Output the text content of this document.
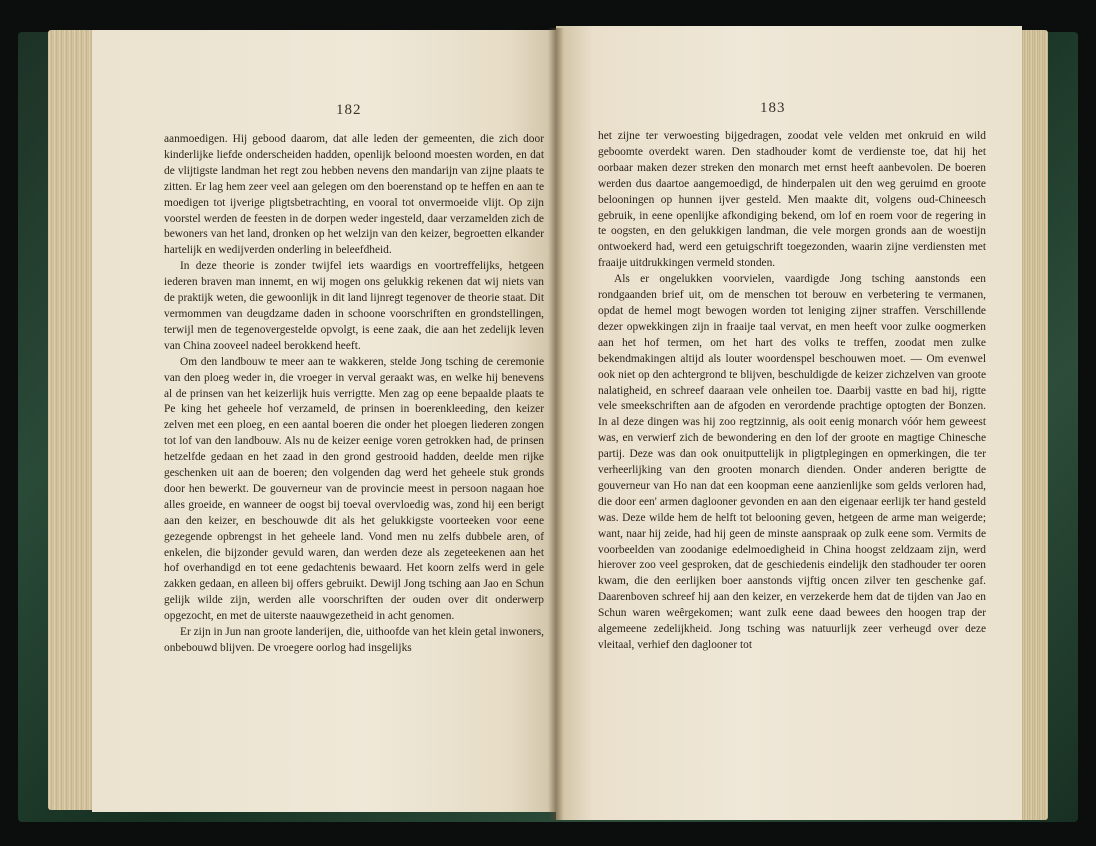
182

aanmoedigen. Hij gebood daarom, dat alle leden der gemeenten, die zich door kinderlijke liefde onderscheiden hadden, openlijk beloond moesten worden, en dat de vlijtigste landman het regt zou hebben nevens den mandarijn van zijne plaats te zitten. Er lag hem zeer veel aan gelegen om den boerenstand op te heffen en aan te moedigen tot ijverige pligtsbetrachting, en vooral tot onvermoeide vlijt. Op zijn voorstel werden de feesten in de dorpen weder ingesteld, daar verzamelden zich de bewoners van het land, dronken op het welzijn van den keizer, begroetten elkander hartelijk en wedijverden onderling in beleefdheid.

In deze theorie is zonder twijfel iets waardigs en voortreffelijks, hetgeen iederen braven man innemt, en wij mogen ons gelukkig rekenen dat wij niets van de praktijk weten, die gewoonlijk in dit land lijnregt tegenover de theorie staat. Dit vermommen van deugdzame daden in schoone voorschriften en grondstellingen, terwijl men de tegenovergestelde opvolgt, is eene zaak, die aan het zedelijk leven van China zooveel nadeel berokkend heeft.

Om den landbouw te meer aan te wakkeren, stelde Jong tsching de ceremonie van den ploeg weder in, die vroeger in verval geraakt was, en welke hij benevens al de prinsen van het keizerlijk huis verrigtte. Men zag op eene bepaalde plaats te Pe king het geheele hof verzameld, de prinsen in boerenkleeding, den keizer zelven met een ploeg, en een aantal boeren die onder het ploegen liederen zongen tot lof van den landbouw. Als nu de keizer eenige voren getrokken had, de prinsen hetzelfde gedaan en het zaad in den grond gestrooid hadden, deelde men rijke geschenken uit aan de boeren; den volgenden dag werd het geheele stuk gronds door hen bewerkt. De gouverneur van de provincie meest in persoon nagaan hoe alles groeide, en wanneer de oogst bij toeval overvloedig was, zond hij een berigt aan den keizer, en beschouwde dit als het gelukkigste voorteeken voor eene gezegende opbrengst in het geheele land. Vond men nu zelfs dubbele aren, of enkelen, die bijzonder gevuld waren, dan werden deze als zegeteekenen aan het hof overhandigd en tot eene gedachtenis bewaard. Het koorn zelfs werd in gele zakken gedaan, en alleen bij offers gebruikt. Dewijl Jong tsching aan Jao en Schun gelijk wilde zijn, werden alle voorschriften der ouden over dit onderwerp opgezocht, en met de uiterste naauwgezetheid in acht genomen.

Er zijn in Jun nan groote landerijen, die, uithoofde van het klein getal inwoners, onbebouwd blijven. De vroegere oorlog had insgelijks

183

het zijne ter verwoesting bijgedragen, zoodat vele velden met onkruid en wild geboomte overdekt waren. Den stadhouder komt de verdienste toe, dat hij het oorbaar maken dezer streken den monarch met ernst heeft aanbevolen. De boeren werden dus daartoe aangemoedigd, de hinderpalen uit den weg geruimd en groote belooningen op hunnen ijver gesteld. Men maakte dit, volgens oud-Chineesch gebruik, in eene openlijke afkondiging bekend, om lof en roem voor de regering in te oogsten, en den gelukkigen landman, die vele morgen gronds aan de woestijn ontwoekerd had, werd een getuigschrift toegezonden, waarin zijne verdiensten met fraaije uitdrukkingen vermeld stonden.

Als er ongelukken voorvielen, vaardigde Jong tsching aanstonds een rondgaanden brief uit, om de menschen tot berouw en verbetering te vermanen, opdat de hemel mogt bewogen worden tot leniging zijner straffen. Verschillende dezer opwekkingen zijn in fraaije taal vervat, en men heeft voor zulke oogmerken aan het hof termen, om het hart des volks te treffen, zoodat men zulke bekendmakingen altijd als louter woordenspel beschouwen moet. — Om evenwel ook niet op den achtergrond te blijven, beschuldigde de keizer zichzelven van groote nalatigheid, en schreef daaraan vele onheilen toe. Daarbij vastte en bad hij, rigtte vele smeekschriften aan de afgoden en verordende prachtige optogten der Bonzen. In al deze dingen was hij zoo regtzinnig, als ooit eenig monarch vóór hem geweest was, en verwierf zich de bewondering en den lof der groote en magtige Chinesche partij. Deze was dan ook onuitputtelijk in pligtplegingen en opmerkingen, die ter verheerlijking van den grooten monarch dienden. Onder anderen berigtte de gouverneur van Ho nan dat een koopman eene aanzienlijke som gelds verloren had, die door een' armen daglooner gevonden en aan den eigenaar eerlijk ter hand gesteld was. Deze wilde hem de helft tot belooning geven, hetgeen de arme man weigerde; want, naar hij zeide, had hij geen de minste aanspraak op zulk eene som. Vermits de voorbeelden van zoodanige edelmoedigheid in China hoogst zeldzaam zijn, werd hierover zoo veel gesproken, dat de geschiedenis eindelijk den stadhouder ter ooren kwam, die den eerlijken boer aanstonds vijftig oncen zilver ten geschenke gaf. Daarenboven schreef hij aan den keizer, en verzekerde hem dat de tijden van Jao en Schun waren weêrgekomen; want zulk eene daad bewees den hoogen trap der algemeene zedelijkheid. Jong tsching was natuurlijk zeer verheugd over deze vleitaal, verhief den daglooner tot
